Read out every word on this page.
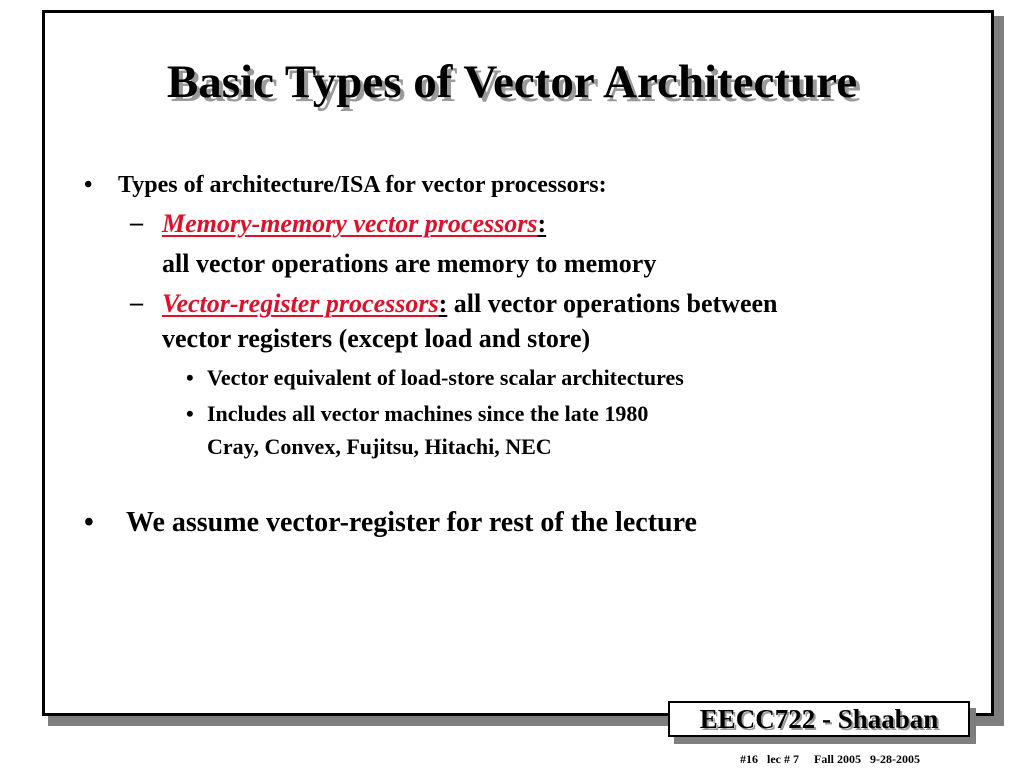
Basic Types of Vector Architecture
• Types of architecture/ISA for vector processors:
– Memory-memory vector processors:
all vector operations are memory to memory
– Vector-register processors: all vector operations between
vector registers (except load and store)
• Vector equivalent of load-store scalar architectures
• Includes all vector machines since the late 1980
Cray, Convex, Fujitsu, Hitachi, NEC
• We assume vector-register for rest of the lecture
EECC722 - Shaaban
#16   lec # 7     Fall 2005   9-28-2005
